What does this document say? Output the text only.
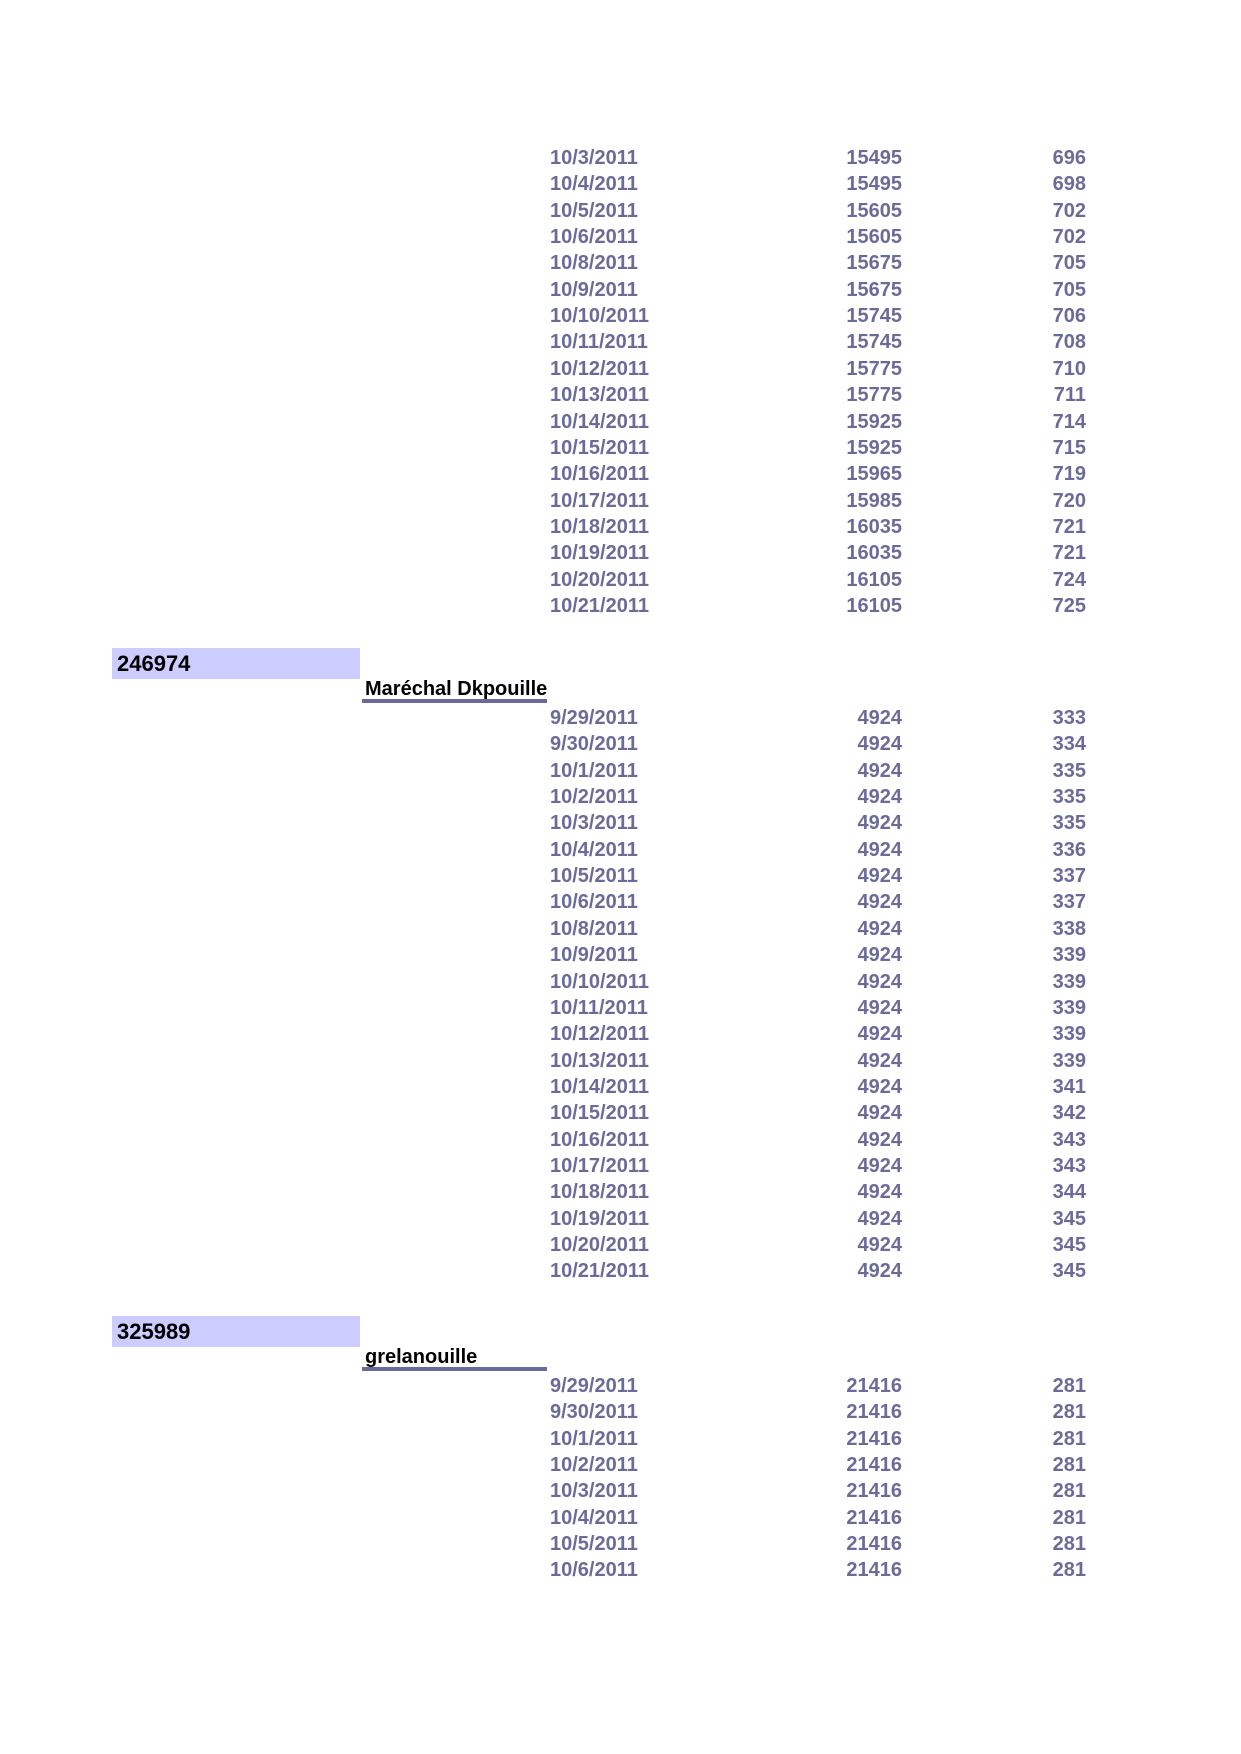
10/3/2011	15495	696
10/4/2011	15495	698
10/5/2011	15605	702
10/6/2011	15605	702
10/8/2011	15675	705
10/9/2011	15675	705
10/10/2011	15745	706
10/11/2011	15745	708
10/12/2011	15775	710
10/13/2011	15775	711
10/14/2011	15925	714
10/15/2011	15925	715
10/16/2011	15965	719
10/17/2011	15985	720
10/18/2011	16035	721
10/19/2011	16035	721
10/20/2011	16105	724
10/21/2011	16105	725
246974
Maréchal Dkpouille
9/29/2011	4924	333
9/30/2011	4924	334
10/1/2011	4924	335
10/2/2011	4924	335
10/3/2011	4924	335
10/4/2011	4924	336
10/5/2011	4924	337
10/6/2011	4924	337
10/8/2011	4924	338
10/9/2011	4924	339
10/10/2011	4924	339
10/11/2011	4924	339
10/12/2011	4924	339
10/13/2011	4924	339
10/14/2011	4924	341
10/15/2011	4924	342
10/16/2011	4924	343
10/17/2011	4924	343
10/18/2011	4924	344
10/19/2011	4924	345
10/20/2011	4924	345
10/21/2011	4924	345
325989
grelanouille
9/29/2011	21416	281
9/30/2011	21416	281
10/1/2011	21416	281
10/2/2011	21416	281
10/3/2011	21416	281
10/4/2011	21416	281
10/5/2011	21416	281
10/6/2011	21416	281
